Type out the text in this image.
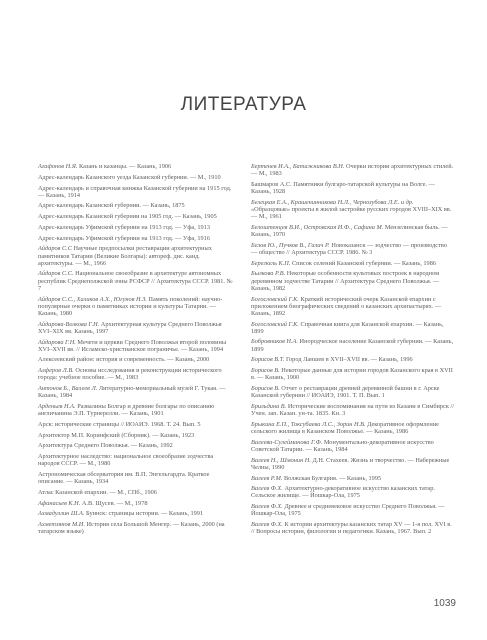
ЛИТЕРАТУРА
Агафонов Н.Я. Казань и казанцы. — Казань, 1906
Адрес-календарь Казанского уезда Казанской губернии. — М., 1910
Адрес-календарь и справочная книжка Казанской губернии на 1915 год. — Казань, 1914
Адрес-календарь Казанской губернии. — Казань, 1875
Адрес-календарь Казанской губернии на 1905 год. — Казань, 1905
Адрес-календарь Уфимской губернии на 1913 год. — Уфа, 1913
Адрес-календарь Уфимской губернии на 1913 год. — Уфа, 1916
Айдаров С.С Научные предпосылки реставрации архитектурных памятников Татарии (Великие Болгары): автореф. дис. канд. архитектуры. — М., 1966
Айдаров С.С. Национальное своеобразие в архитектуре автономных республик Среднеполжской зоны РСФСР // Архитектура СССР. 1981. № 7
Айдаров С.С., Халиков А.Х., Югунов Н.З. Память поколений: научно-популярные очерки о памятниках истории и культуры Татарии. — Казань, 1980
Айдарова-Волкова Г.Н. Архитектурная культура Среднего Поволжья XVI–XIX вв. Казань, 1997
Айдарова Г.Н. Мечети и церкви Среднего Поволжья второй половины XVI–XVII вв. // Исламско-христианское пограничье. — Казань, 1994
Алексеевский район: история и современность. — Казань, 2000
Алферов Л.В. Основы исследования и реконструкции исторического города: учебное пособие. — М., 1983
Антонов Б., Валеев Л. Литературно-мемориальный музей Г. Тукая. — Казань, 1984
Арденьев Н.А. Развалины Болгар и древние болгары по описанию англичанина Э.П. Турнерелли. — Казань, 1901
Арск: исторические страницы // ИОАИЭ. 1968. Т. 24. Вып. 5
Архитектор М.П. Коринфский (Сборник). — Казань, 1923
Архитектура Среднего Поволжья. — Казань, 1992
Архитектурное наследство: национальное своеобразие зодчества народов СССР. — М., 1980
Астрономическая обсерватория им. В.П. Энгельгардта. Краткое описание. — Казань, 1934
Атлас Казанской епархии. — М., СПб., 1906
Афанасьев К.Н. А.В. Щусев. — М., 1978
Ахмадуллин Ш.А. Буинск: страницы истории. — Казань, 1991
Ахметзянов М.И. История села Большой Менгер. — Казань, 2000 (на татарском языке)
Бертенев И.А., Батажникова В.Н. Очерки истории архитектурных стилей. — М., 1983
Башмаров А.С. Памятники булгаро-татарской культуры на Волге. — Казань, 1928
Белецкая Е.А., Крашенинникова Н.Л., Чернозубова Л.Е. и др. «Образцовые» проекты в жилой застройке русских городов XVIII–XIX вв. — М., 1961
Белоштенцев В.И., Островская И.Ф., Сафина М. Мензелинская быль. — Казань, 1970
Белов Ю., Пучков В., Галич Р. Новоказанск — зодчество — производство — общество // Архитектура СССР. 1986. № 3
Берегкель К.П. Список селений Казанской губернии. — Казань, 1986
Былкова Р.В. Некоторые особенности культовых построек в народном деревянном зодчестве Татарии // Архитектура Среднего Поволжья. — Казань, 1982
Богословский Г.К. Краткий исторический очерк Казанской епархии с приложением биографических сведений о казанских архипастырях. — Казань, 1892
Богословский Г.К. Справочная книга для Казанской епархии. — Казань, 1899
Бобровников Н.А. Инородческое население Казанской губернии. — Казань, 1899
Борисов В.Т. Город Ланшев в XVII–XVII вв. — Казань, 1996
Борисов В. Некоторые данные для истории городов Казанского края в XVII в. — Казань, 1900
Борисов В. Отчет о реставрации древней деревянной башни в г. Арске Казанской губернии // ИОАИЭ, 1901. Т. П. Вып. 1
Брильдина В. Исторические воспоминания на пути из Казани в Симбирск // Учен. зап. Казан. ун-та. 1835. Кн. 3
Брыкина Е.П., Токсубаева Л.С., Зорин Н.В. Декоративное оформление сельского жилища в Казанском Поволжье. — Казань, 1986
Валеева-Сулейманова Г.Ф. Монументально-декоративное искусство Советской Татарии. — Казань, 1984
Валеев Н., Шмонин Н. Д.Н. Стахеев. Жизнь и творчество. — Набережные Челны, 1990
Валеев Р.М. Волжская Булгария. — Казань, 1995
Валеев Ф.Х. Архитектурно-декоративное искусство казанских татар. Сельское жилище. — Йошкар-Ола, 1975
Валеев Ф.Х. Древнее и средневековое искусство Среднего Поволжья. — Йошкар-Ола, 1975
Валеев Ф.Х. К истории архитектуры казанских татар XV — 1-я пол. XVI в. // Вопросы истории, филологии и педагогики. Казань, 1967. Вып. 2
1039
